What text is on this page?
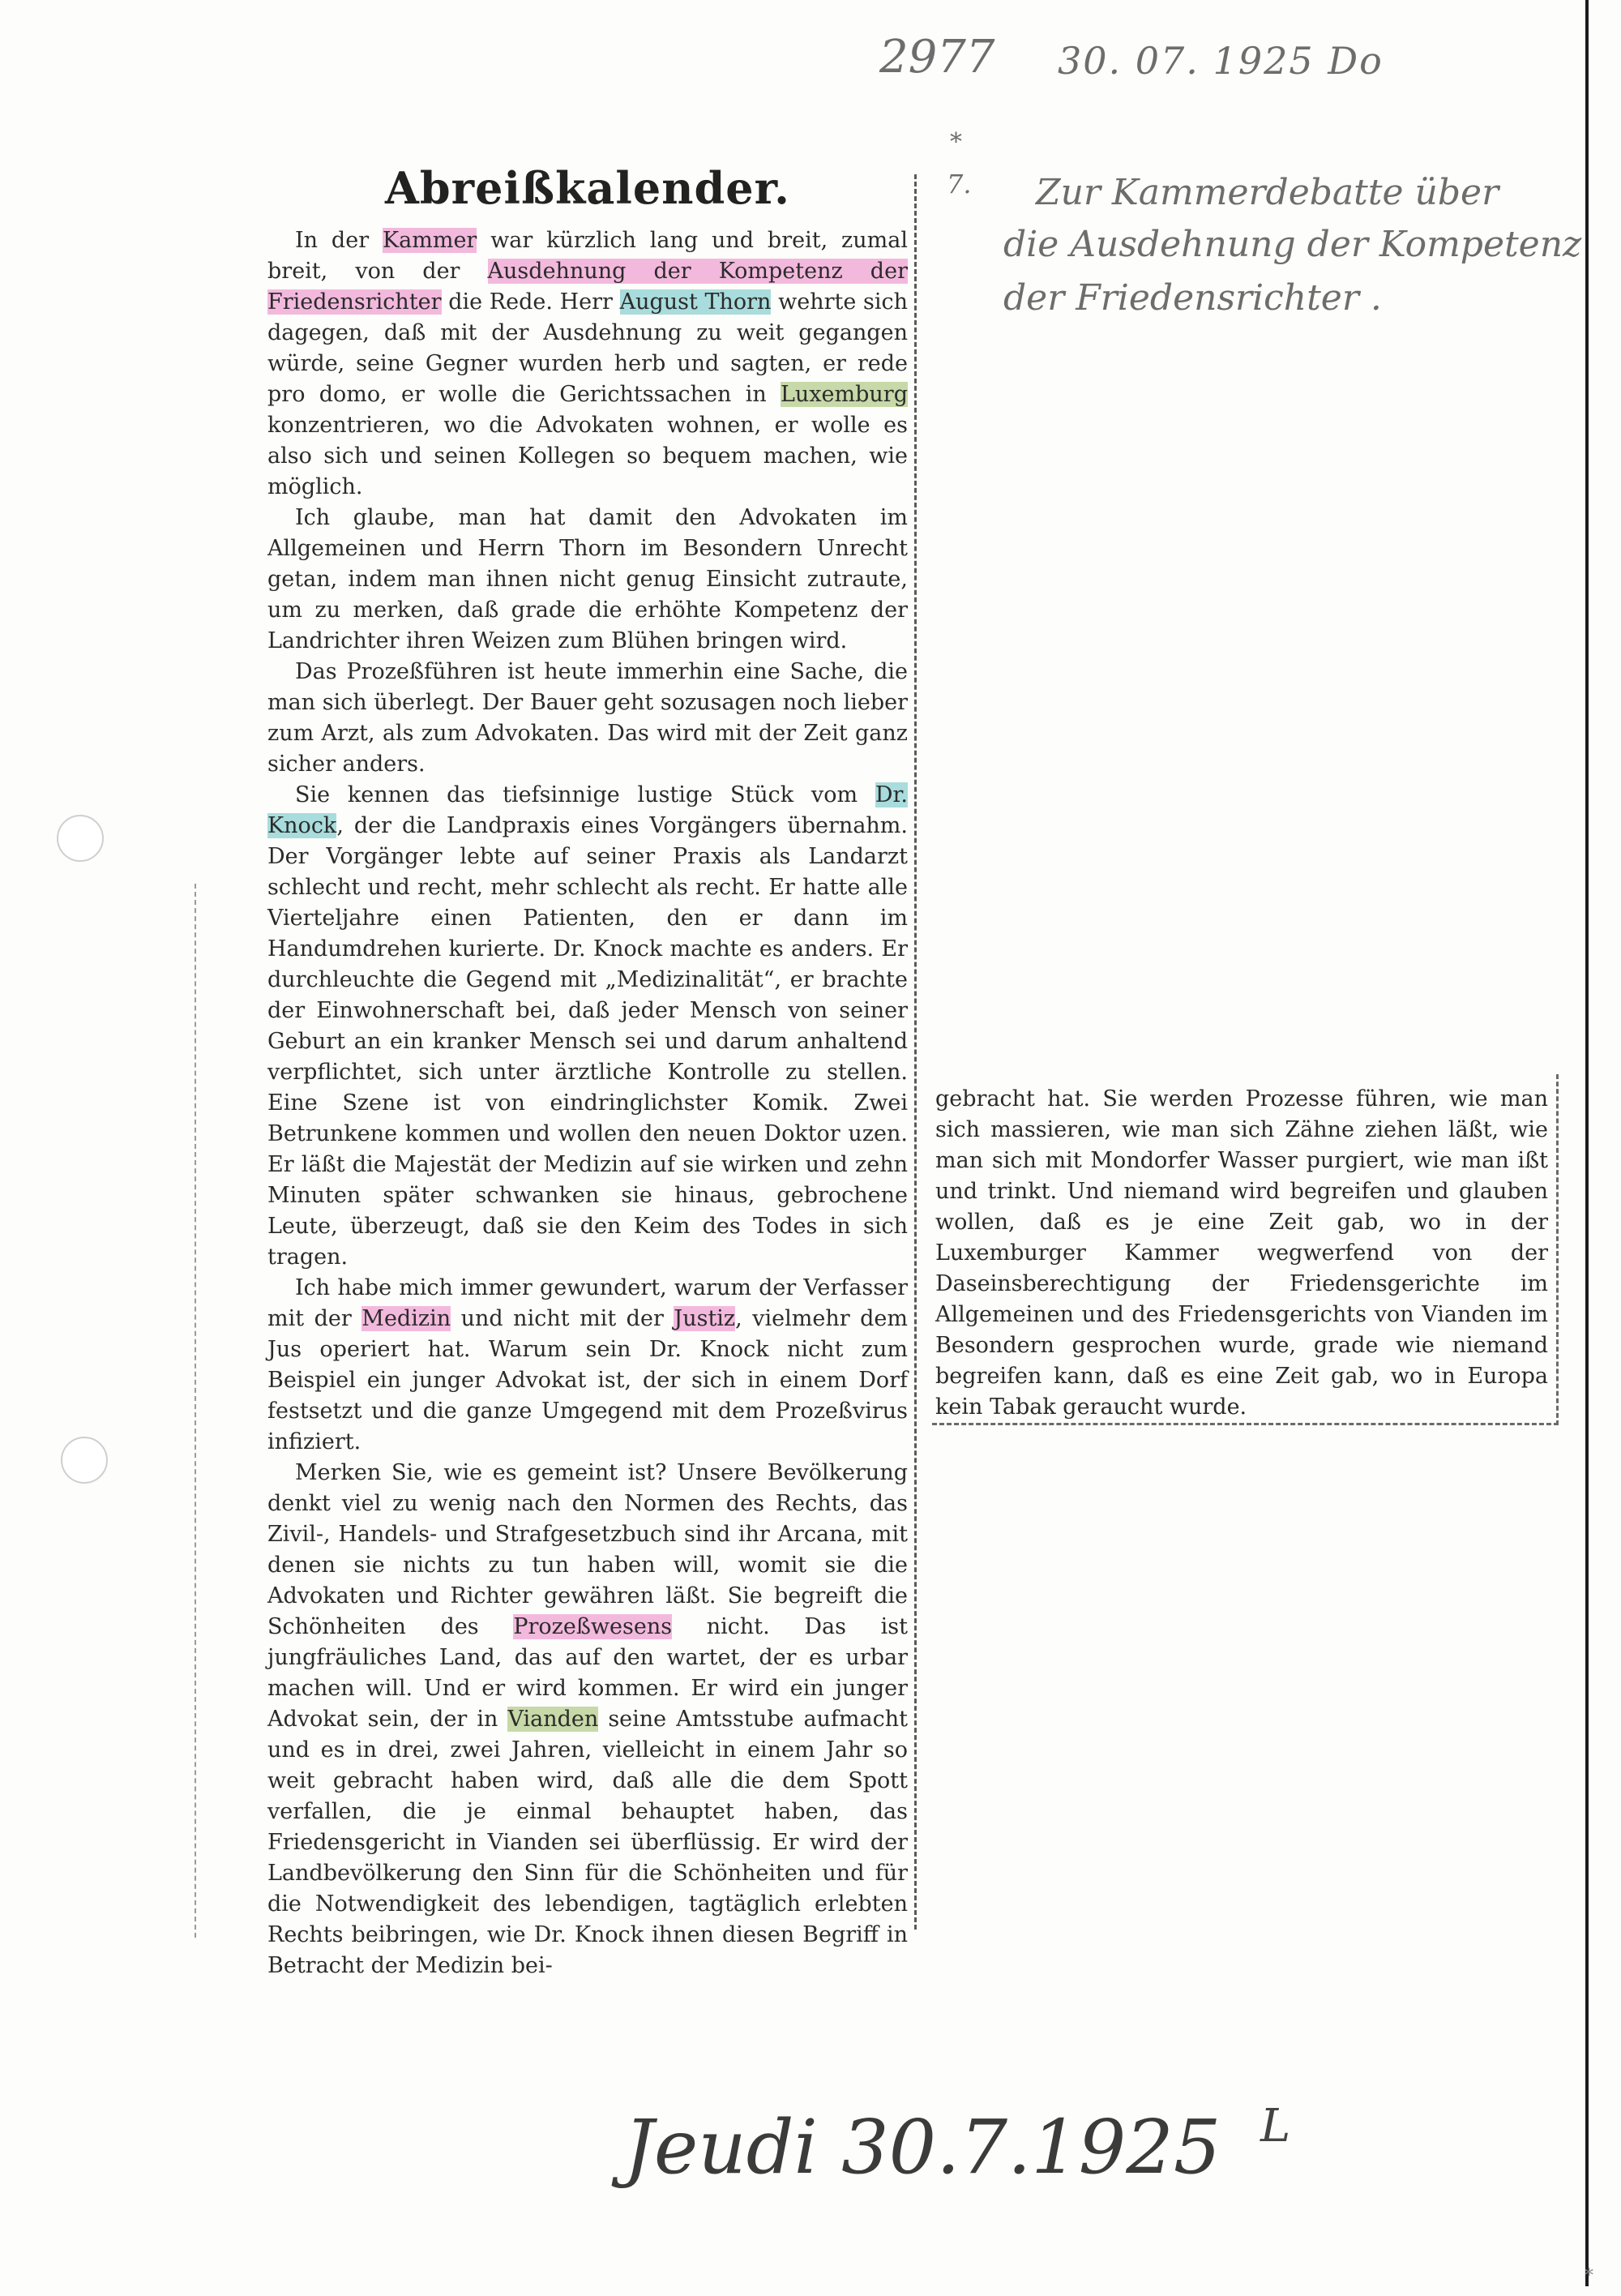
2977 30. 07. 1925 Do
*
7. Zur Kammerdebatte über
die Ausdehnung der Kompetenz
der Friedensrichter .
Abreißkalender.

In der Kammer war kürzlich lang und breit, zumal breit, von der Ausdehnung der Kompetenz der Friedensrichter die Rede. Herr August Thorn wehrte sich dagegen, daß mit der Ausdehnung zu weit gegangen würde, seine Gegner wurden herb und sagten, er rede pro domo, er wolle die Gerichtssachen in Luxemburg konzentrieren, wo die Advokaten wohnen, er wolle es also sich und seinen Kollegen so bequem machen, wie möglich.

Ich glaube, man hat damit den Advokaten im Allgemeinen und Herrn Thorn im Besondern Unrecht getan, indem man ihnen nicht genug Einsicht zutraute, um zu merken, daß grade die erhöhte Kompetenz der Landrichter ihren Weizen zum Blühen bringen wird.

Das Prozeßführen ist heute immerhin eine Sache, die man sich überlegt. Der Bauer geht sozusagen noch lieber zum Arzt, als zum Advokaten. Das wird mit der Zeit ganz sicher anders.

Sie kennen das tiefsinnige lustige Stück vom Dr. Knock, der die Landpraxis eines Vorgängers übernahm. Der Vorgänger lebte auf seiner Praxis als Landarzt schlecht und recht, mehr schlecht als recht. Er hatte alle Vierteljahre einen Patienten, den er dann im Handumdrehen kurierte. Dr. Knock machte es anders. Er durchleuchte die Gegend mit „Medizinalität“, er brachte der Einwohnerschaft bei, daß jeder Mensch von seiner Geburt an ein kranker Mensch sei und darum anhaltend verpflichtet, sich unter ärztliche Kontrolle zu stellen. Eine Szene ist von eindringlichster Komik. Zwei Betrunkene kommen und wollen den neuen Doktor uzen. Er läßt die Majestät der Medizin auf sie wirken und zehn Minuten später schwanken sie hinaus, gebrochene Leute, überzeugt, daß sie den Keim des Todes in sich tragen.

Ich habe mich immer gewundert, warum der Verfasser mit der Medizin und nicht mit der Justiz, vielmehr dem Jus operiert hat. Warum sein Dr. Knock nicht zum Beispiel ein junger Advokat ist, der sich in einem Dorf festsetzt und die ganze Umgegend mit dem Prozeßvirus infiziert.

Merken Sie, wie es gemeint ist? Unsere Bevölkerung denkt viel zu wenig nach den Normen des Rechts, das Zivil-, Handels- und Strafgesetzbuch sind ihr Arcana, mit denen sie nichts zu tun haben will, womit sie die Advokaten und Richter gewähren läßt. Sie begreift die Schönheiten des Prozeßwesens nicht. Das ist jungfräuliches Land, das auf den wartet, der es urbar machen will. Und er wird kommen. Er wird ein junger Advokat sein, der in Vianden seine Amtsstube aufmacht und es in drei, zwei Jahren, vielleicht in einem Jahr so weit gebracht haben wird, daß alle die dem Spott verfallen, die je einmal behauptet haben, das Friedensgericht in Vianden sei überflüssig. Er wird der Landbevölkerung den Sinn für die Schönheiten und für die Notwendigkeit des lebendigen, tagtäglich erlebten Rechts beibringen, wie Dr. Knock ihnen diesen Begriff in Betracht der Medizin bei-

gebracht hat. Sie werden Prozesse führen, wie man sich massieren, wie man sich Zähne ziehen läßt, wie man sich mit Mondorfer Wasser purgiert, wie man ißt und trinkt. Und niemand wird begreifen und glauben wollen, daß es je eine Zeit gab, wo in der Luxemburger Kammer wegwerfend von der Daseinsberechtigung der Friedensgerichte im Allgemeinen und des Friedensgerichts von Vianden im Besondern gesprochen wurde, grade wie niemand begreifen kann, daß es eine Zeit gab, wo in Europa kein Tabak geraucht wurde.

Jeudi 30.7.1925 L
*
